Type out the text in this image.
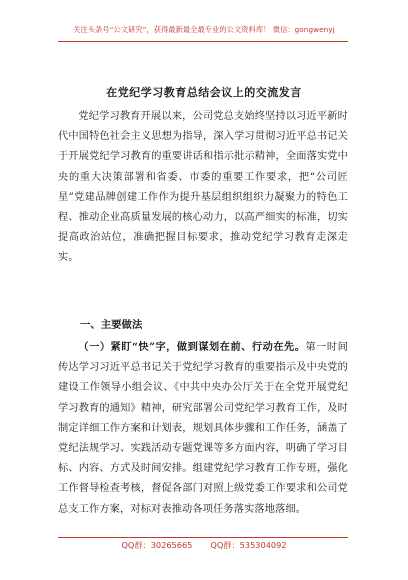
关注头条号“公文研究”，获得最新最全最专业的公文资料库！ 微信：gongwenyj
在党纪学习教育总结会议上的交流发言

党纪学习教育开展以来，公司党总支始终坚持以习近平新时代中国特色社会主义思想为指导，深入学习贯彻习近平总书记关于开展党纪学习教育的重要讲话和指示批示精神，全面落实党中央的重大决策部署和省委、市委的重要工作要求，把“公司匠星”党建品牌创建工作作为提升基层组织组织力凝聚力的特色工程、推动企业高质量发展的核心动力，以高严细实的标准，切实提高政治站位，准确把握目标要求，推动党纪学习教育走深走实。

一、主要做法

（一）紧盯“快”字，做到谋划在前、行动在先。第一时间传达学习习近平总书记关于党纪学习教育的重要指示及中央党的建设工作领导小组会议、《中共中央办公厅关于在全党开展党纪学习教育的通知》精神，研究部署公司党纪学习教育工作，及时制定详细工作方案和计划表，规划具体步骤和工作任务，涵盖了党纪法规学习、实践活动专题党课等多方面内容，明确了学习目标、内容、方式及时间安排。组建党纪学习教育工作专班，强化工作督导检查考核，督促各部门对照上级党委工作要求和公司党总支工作方案，对标对表推动各项任务落实落地落细。

QQ群：30265665 QQ群：535304092
